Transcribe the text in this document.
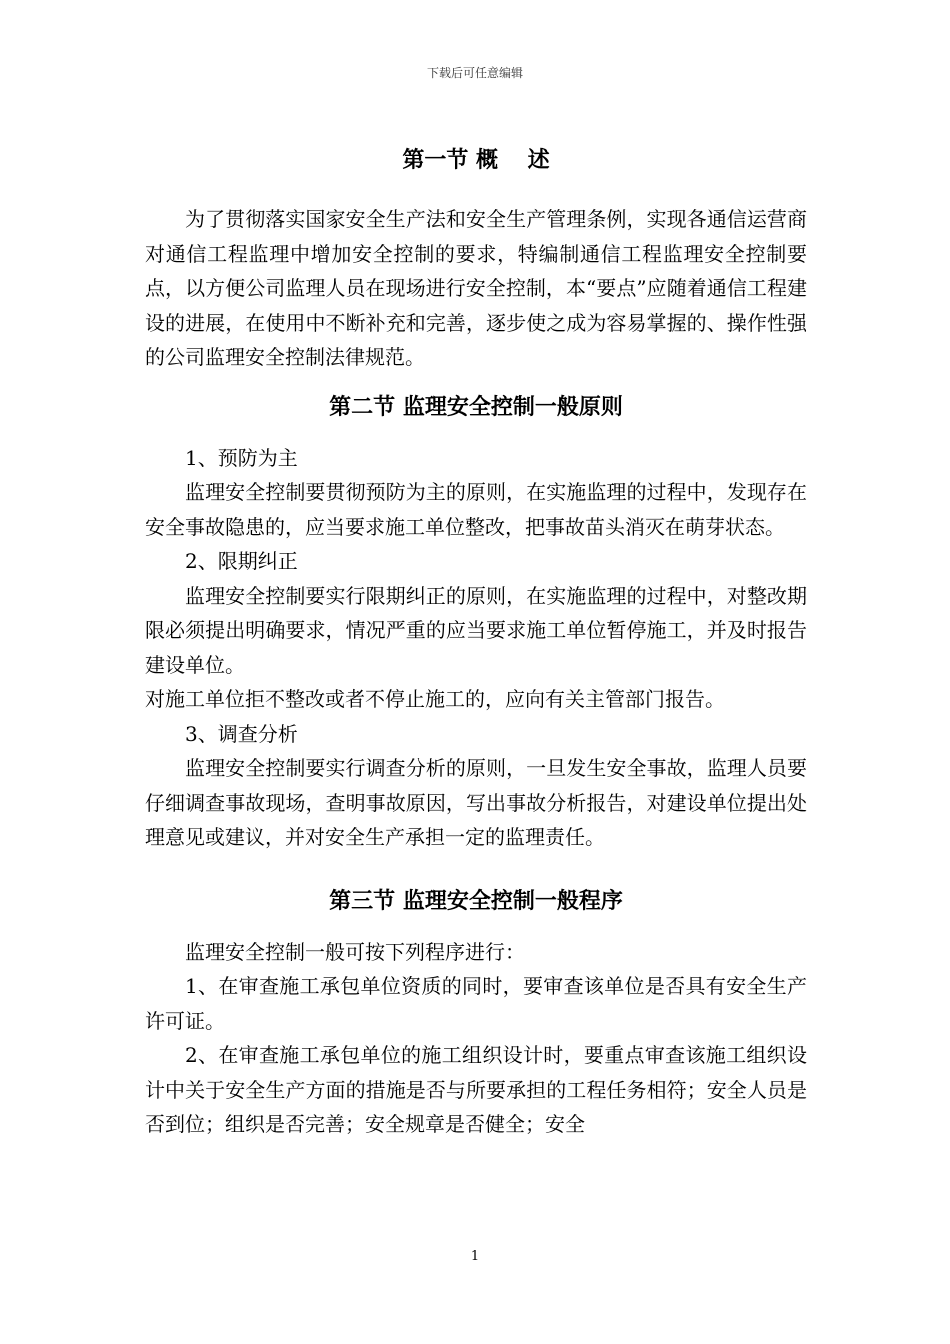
下载后可任意编辑
第一节 概　 述

为了贯彻落实国家安全生产法和安全生产管理条例，实现各通信运营商对通信工程监理中增加安全控制的要求，特编制通信工程监理安全控制要点，以方便公司监理人员在现场进行安全控制，本“要点”应随着通信工程建设的进展，在使用中不断补充和完善，逐步使之成为容易掌握的、操作性强的公司监理安全控制法律规范。

第二节 监理安全控制一般原则

1、预防为主

监理安全控制要贯彻预防为主的原则，在实施监理的过程中，发现存在安全事故隐患的，应当要求施工单位整改，把事故苗头消灭在萌芽状态。

2、限期纠正

监理安全控制要实行限期纠正的原则，在实施监理的过程中，对整改期限必须提出明确要求，情况严重的应当要求施工单位暂停施工，并及时报告建设单位。

对施工单位拒不整改或者不停止施工的，应向有关主管部门报告。

3、调查分析

监理安全控制要实行调查分析的原则，一旦发生安全事故，监理人员要仔细调查事故现场，查明事故原因，写出事故分析报告，对建设单位提出处理意见或建议，并对安全生产承担一定的监理责任。

第三节 监理安全控制一般程序

监理安全控制一般可按下列程序进行：

1、在审查施工承包单位资质的同时，要审查该单位是否具有安全生产许可证。

2、在审查施工承包单位的施工组织设计时，要重点审查该施工组织设计中关于安全生产方面的措施是否与所要承担的工程任务相符；安全人员是否到位；组织是否完善；安全规章是否健全；安全

1
